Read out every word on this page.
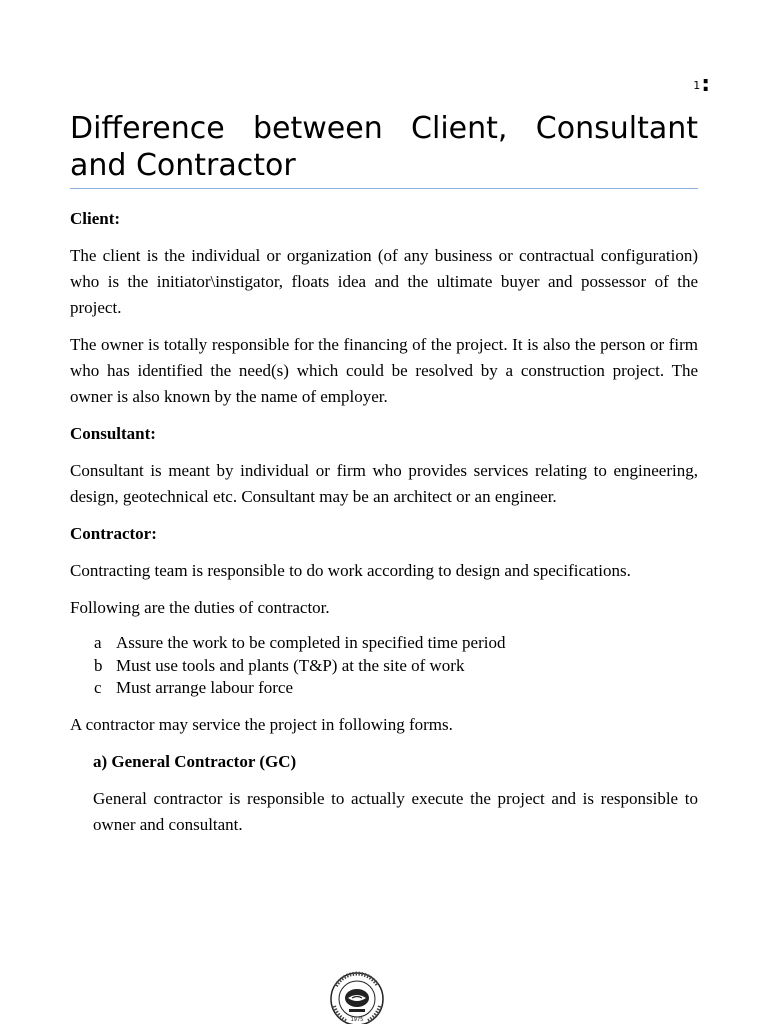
1:
Difference between Client, Consultant and Contractor
Client:

The client is the individual or organization (of any business or contractual configuration) who is the initiator\instigator, floats idea and the ultimate buyer and possessor of the project.

The owner is totally responsible for the financing of the project. It is also the person or firm who has identified the need(s) which could be resolved by a construction project. The owner is also known by the name of employer.

Consultant:

Consultant is meant by individual or firm who provides services relating to engineering, design, geotechnical etc. Consultant may be an architect or an engineer.

Contractor:

Contracting team is responsible to do work according to design and specifications.

Following are the duties of contractor.

a Assure the work to be completed in specified time period
b Must use tools and plants (T&P) at the site of work
c Must arrange labour force

A contractor may service the project in following forms.

a) General Contractor (GC)

General contractor is responsible to actually execute the project and is responsible to owner and consultant.

1975
